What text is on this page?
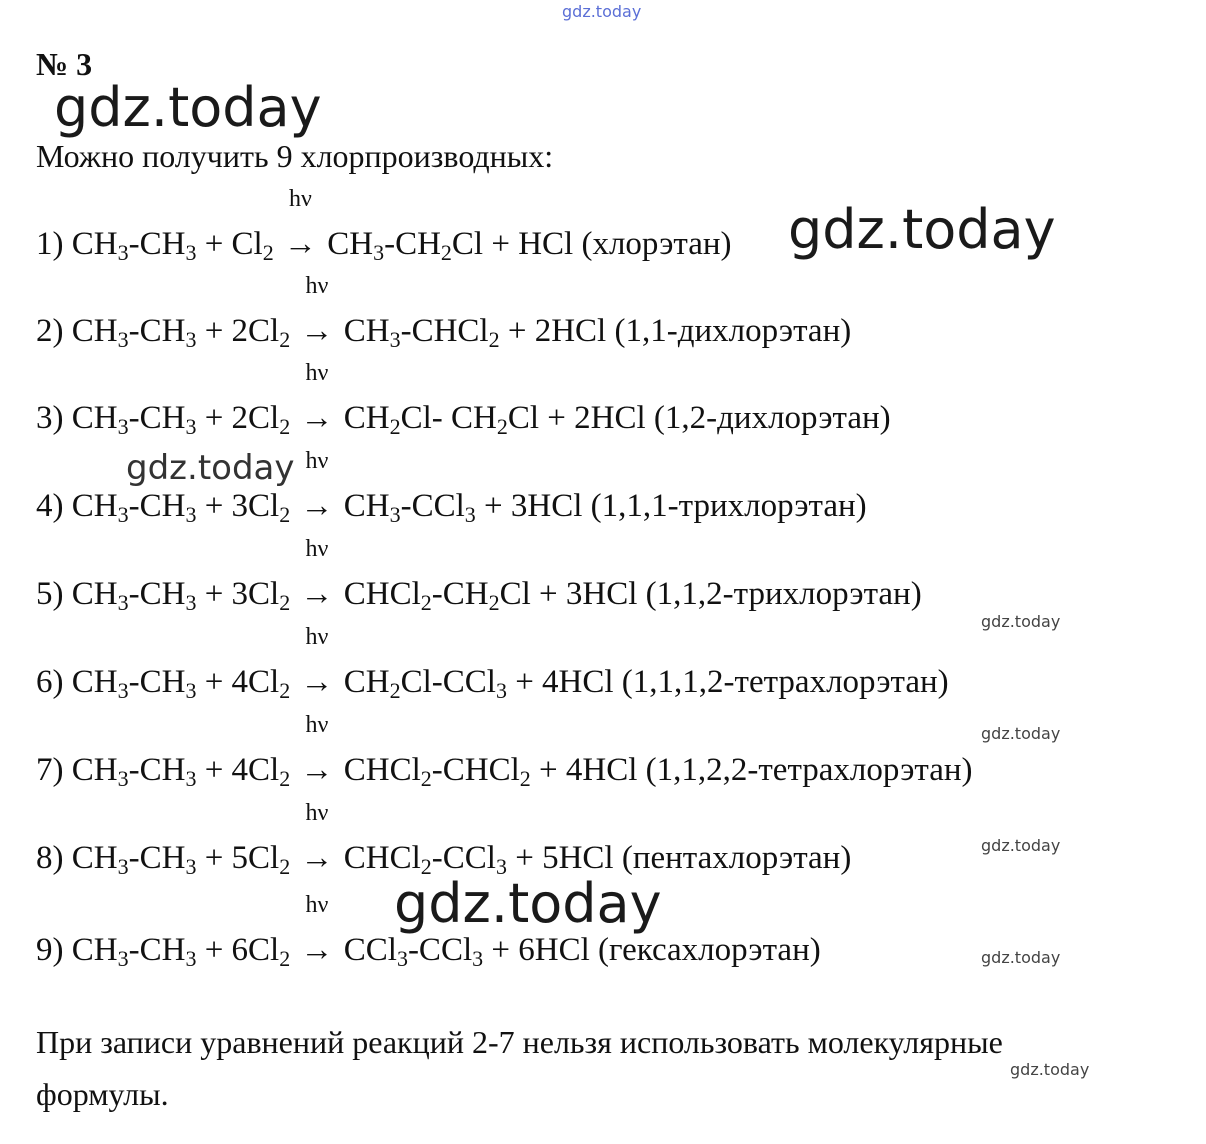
№ 3
Можно получить 9 хлорпроизводных:
1) $CH_3-CH_3 + Cl_2$
hν
→ $CH_3-CH_2Cl$ + HCl (хлорэтан)
2) $CH_3-CH_3 + 2Cl_2$
hν
→ $CH_3-CHCl_2 + 2HCl$ (1,1-дихлорэтан)
3) $CH_3-CH_3 + 2Cl_2$
hν
→ $CH_2Cl-$ $CH_2Cl + 2HCl$ (1,2-дихлорэтан)
4) $CH_3-CH_3 + 3Cl_2$
hν
→ $CH_3-CCl_3 + 3HCl$ (1,1,1-трихлорэтан)
5) $CH_3-CH_3 + 3Cl_2$
hν
→ $CHCl_2-CH_2Cl + 3HCl$ (1,1,2-трихлорэтан)
6) $CH_3-CH_3 + 4Cl_2$
hν
→ $CH_2Cl-CCl_3 + 4HCl$ (1,1,1,2-тетрахлорэтан)
7) $CH_3-CH_3 + 4Cl_2$
hν
→ CHCl$_2$-CHCl$_2$ + 4HCl (1,1,2,2-тетрахлорэтан)
8) $CH_3-CH_3 + 5Cl_2$
hν
→ CHCl$_2$-CCl$_3$ + 5HCl (пентахлорэтан)
9) $CH_3-CH_3 + 6Cl_2$
hν
→ CCl$_3$-CCl$_3$ + 6HCl (гексахлорэтан)
При записи уравнений реакций 2-7 нельзя использовать молекулярные формулы.
gdz.today
gdz.today
gdz.today
gdz.today
gdz.today
gdz.today
gdz.today
gdz.today
gdz.today
gdz.today
